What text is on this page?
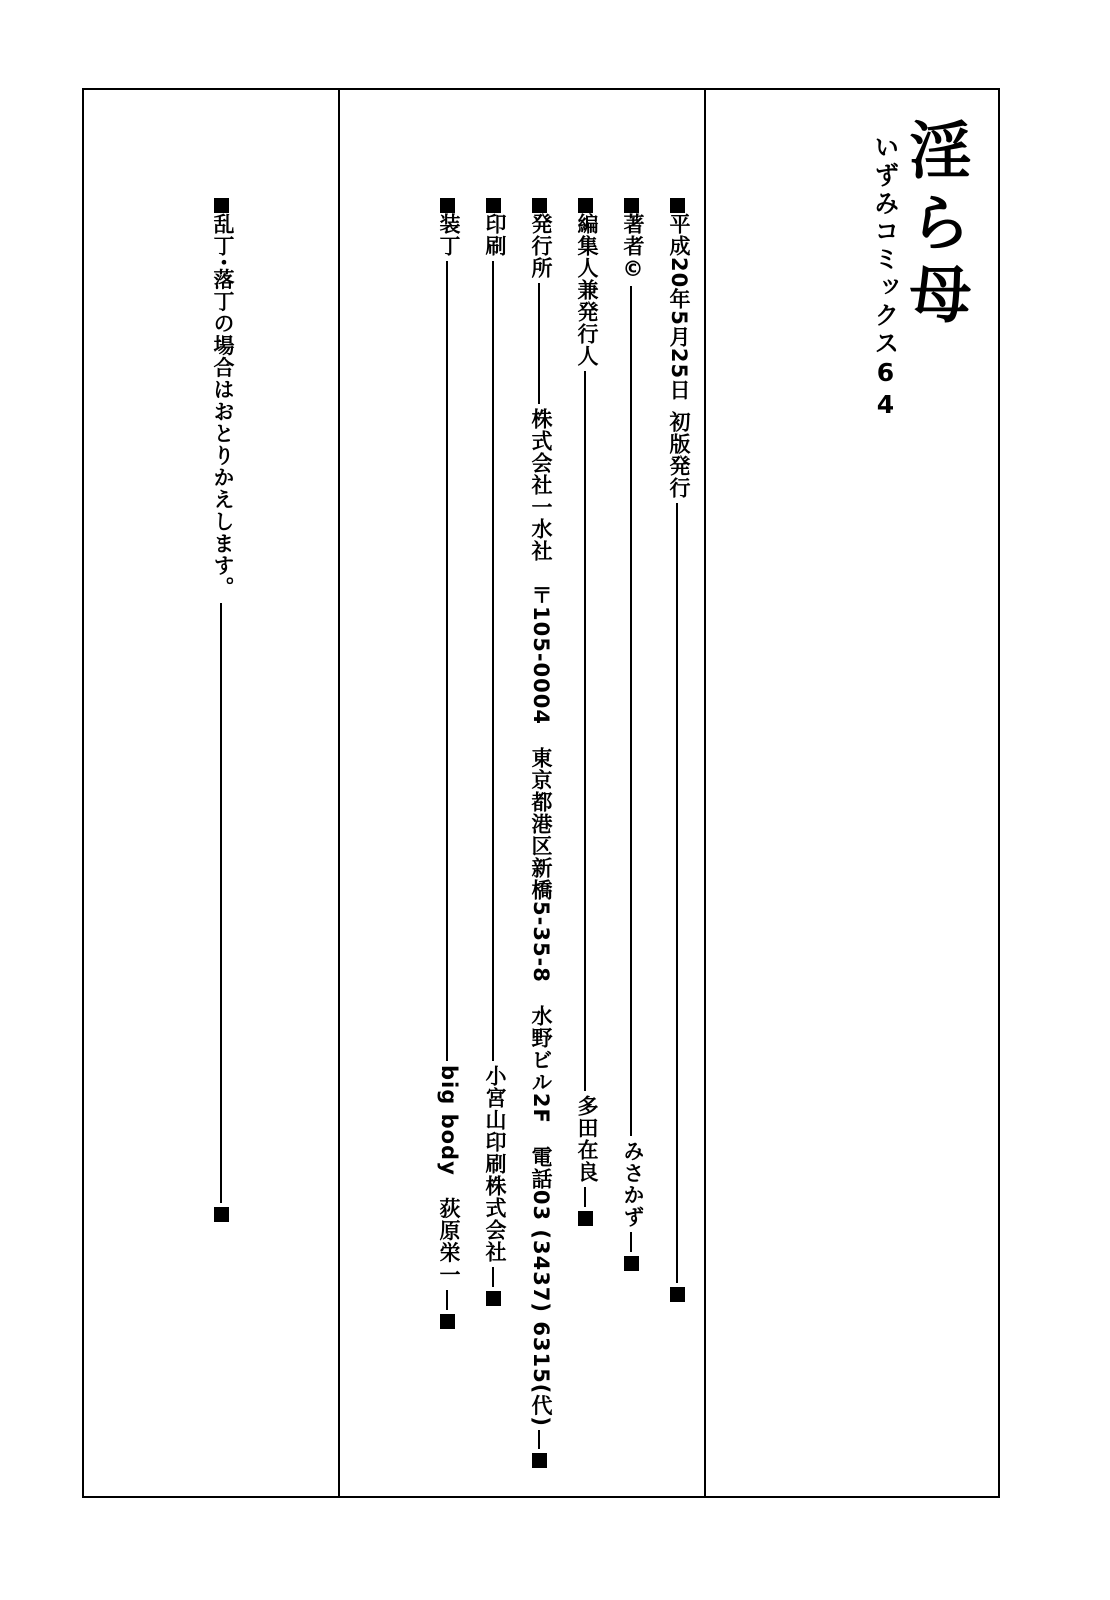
淫ら母
いずみコミックス64
平成20年5月25日
初版発行
著者©
みさかず
編集人兼発行人
多田在良
発行所
株式会社一水社　〒105-0004　東京都港区新橋5-35-8　水野ビル2F　電話03 (3437) 6315(代)
印刷
小宮山印刷株式会社
装丁
big body　荻原栄一
乱丁･落丁の場合はおとりかえします。
